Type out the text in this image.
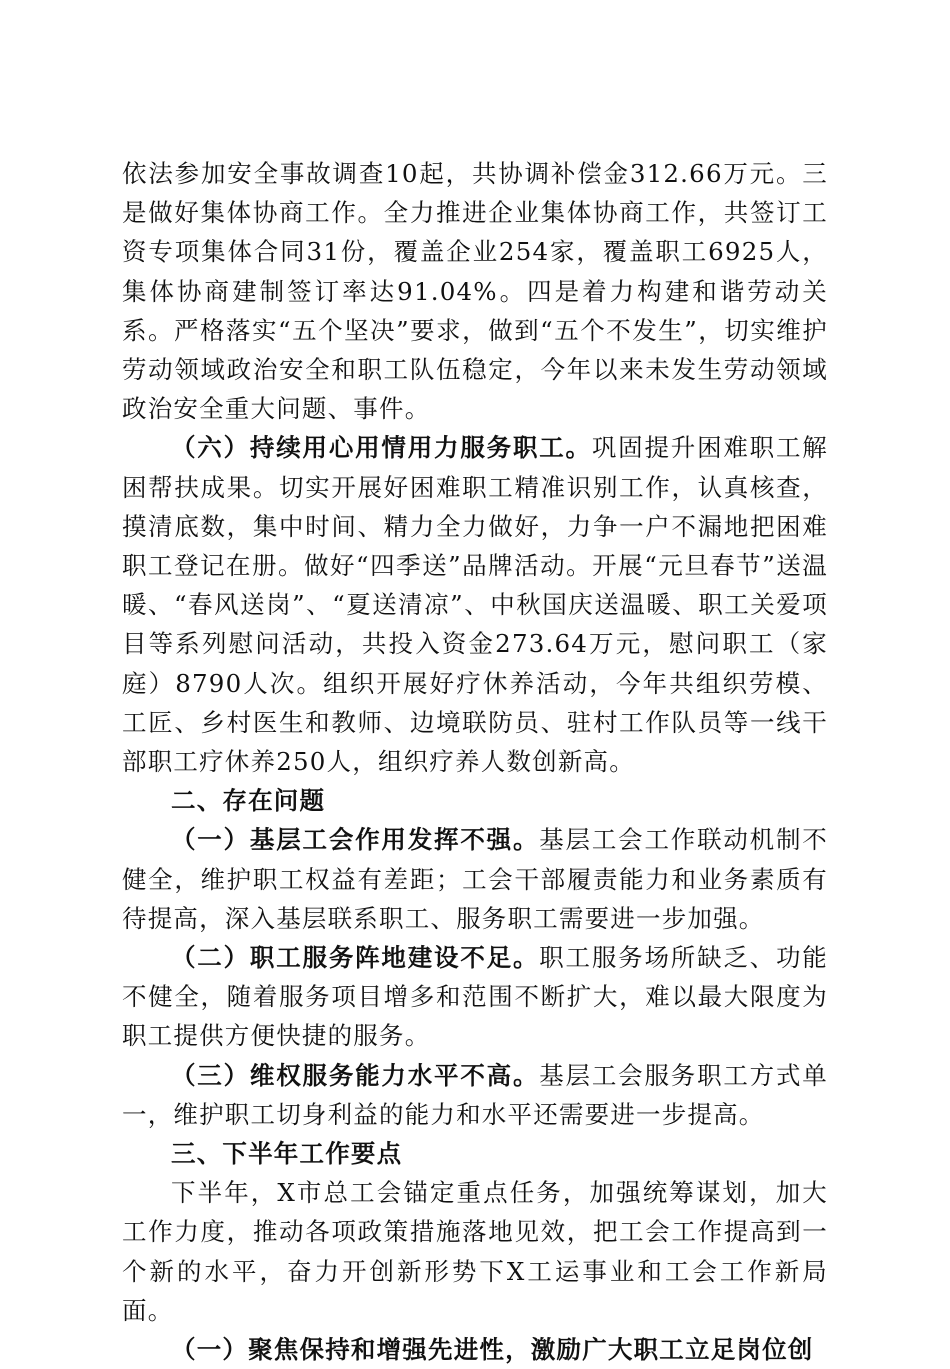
依法参加安全事故调查10起，共协调补偿金312.66万元。三是做好集体协商工作。全力推进企业集体协商工作，共签订工资专项集体合同31份，覆盖企业254家，覆盖职工6925人，集体协商建制签订率达91.04%。四是着力构建和谐劳动关系。严格落实“五个坚决”要求，做到“五个不发生”，切实维护劳动领域政治安全和职工队伍稳定，今年以来未发生劳动领域政治安全重大问题、事件。

（六）持续用心用情用力服务职工。巩固提升困难职工解困帮扶成果。切实开展好困难职工精准识别工作，认真核查，摸清底数，集中时间、精力全力做好，力争一户不漏地把困难职工登记在册。做好“四季送”品牌活动。开展“元旦春节”送温暖、“春风送岗”、“夏送清凉”、中秋国庆送温暖、职工关爱项目等系列慰问活动，共投入资金273.64万元，慰问职工（家庭）8790人次。组织开展好疗休养活动，今年共组织劳模、工匠、乡村医生和教师、边境联防员、驻村工作队员等一线干部职工疗休养250人，组织疗养人数创新高。

二、存在问题

（一）基层工会作用发挥不强。基层工会工作联动机制不健全，维护职工权益有差距；工会干部履责能力和业务素质有待提高，深入基层联系职工、服务职工需要进一步加强。

（二）职工服务阵地建设不足。职工服务场所缺乏、功能不健全，随着服务项目增多和范围不断扩大，难以最大限度为职工提供方便快捷的服务。

（三）维权服务能力水平不高。基层工会服务职工方式单一，维护职工切身利益的能力和水平还需要进一步提高。

三、下半年工作要点

下半年，X市总工会锚定重点任务，加强统筹谋划，加大工作力度，推动各项政策措施落地见效，把工会工作提高到一个新的水平，奋力开创新形势下X工运事业和工会工作新局面。

（一）聚焦保持和增强先进性，激励广大职工立足岗位创
